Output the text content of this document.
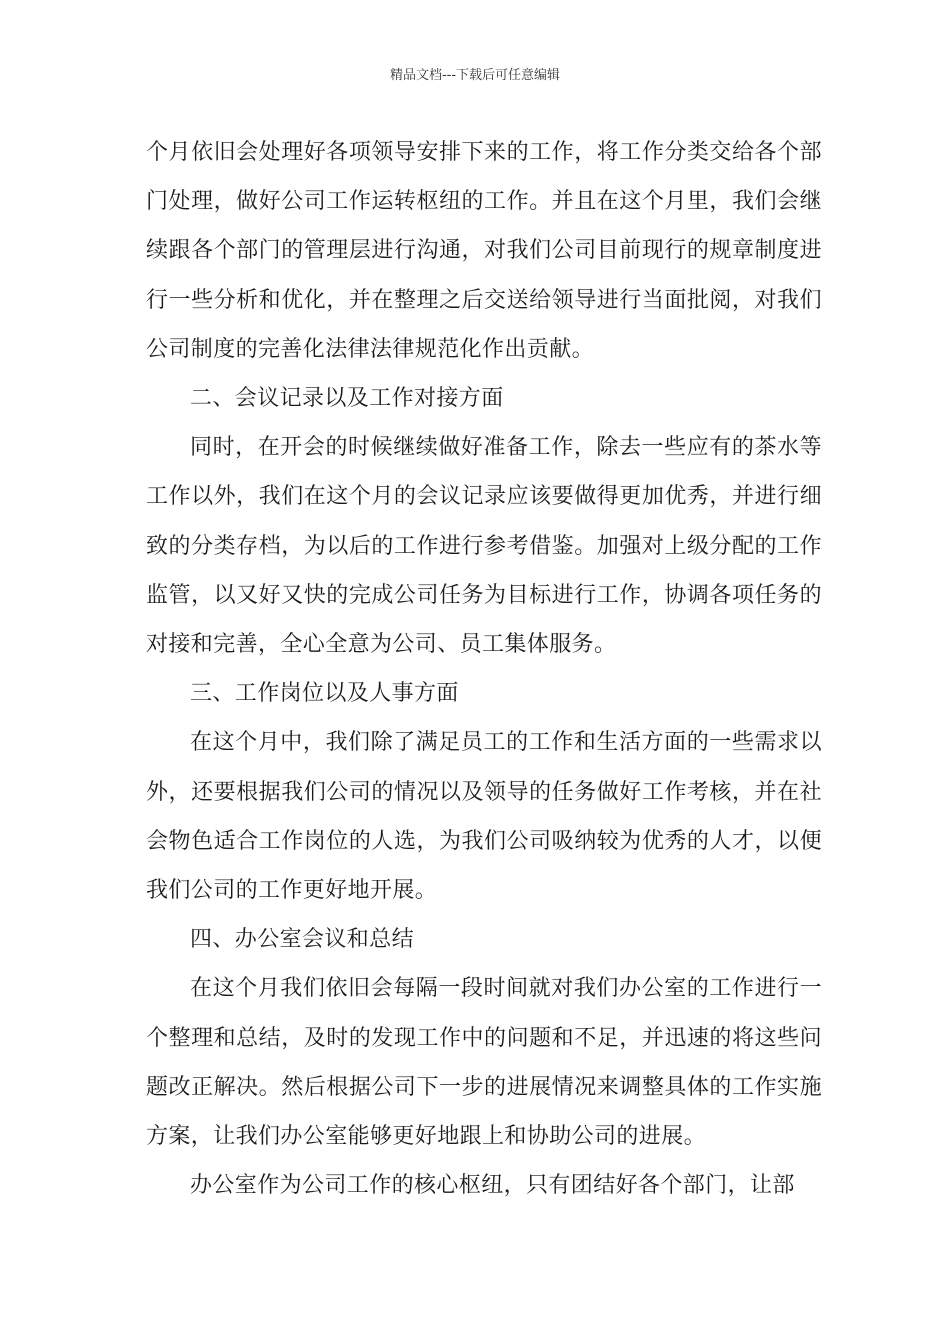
精品文档---下载后可任意编辑

个月依旧会处理好各项领导安排下来的工作，将工作分类交给各个部门处理，做好公司工作运转枢纽的工作。并且在这个月里，我们会继续跟各个部门的管理层进行沟通，对我们公司目前现行的规章制度进行一些分析和优化，并在整理之后交送给领导进行当面批阅，对我们公司制度的完善化法律法律规范化作出贡献。

二、会议记录以及工作对接方面

同时，在开会的时候继续做好准备工作，除去一些应有的茶水等工作以外，我们在这个月的会议记录应该要做得更加优秀，并进行细致的分类存档，为以后的工作进行参考借鉴。加强对上级分配的工作监管，以又好又快的完成公司任务为目标进行工作，协调各项任务的对接和完善，全心全意为公司、员工集体服务。

三、工作岗位以及人事方面

在这个月中，我们除了满足员工的工作和生活方面的一些需求以外，还要根据我们公司的情况以及领导的任务做好工作考核，并在社会物色适合工作岗位的人选，为我们公司吸纳较为优秀的人才，以便我们公司的工作更好地开展。

四、办公室会议和总结

在这个月我们依旧会每隔一段时间就对我们办公室的工作进行一个整理和总结，及时的发现工作中的问题和不足，并迅速的将这些问题改正解决。然后根据公司下一步的进展情况来调整具体的工作实施方案，让我们办公室能够更好地跟上和协助公司的进展。

办公室作为公司工作的核心枢纽，只有团结好各个部门，让部
